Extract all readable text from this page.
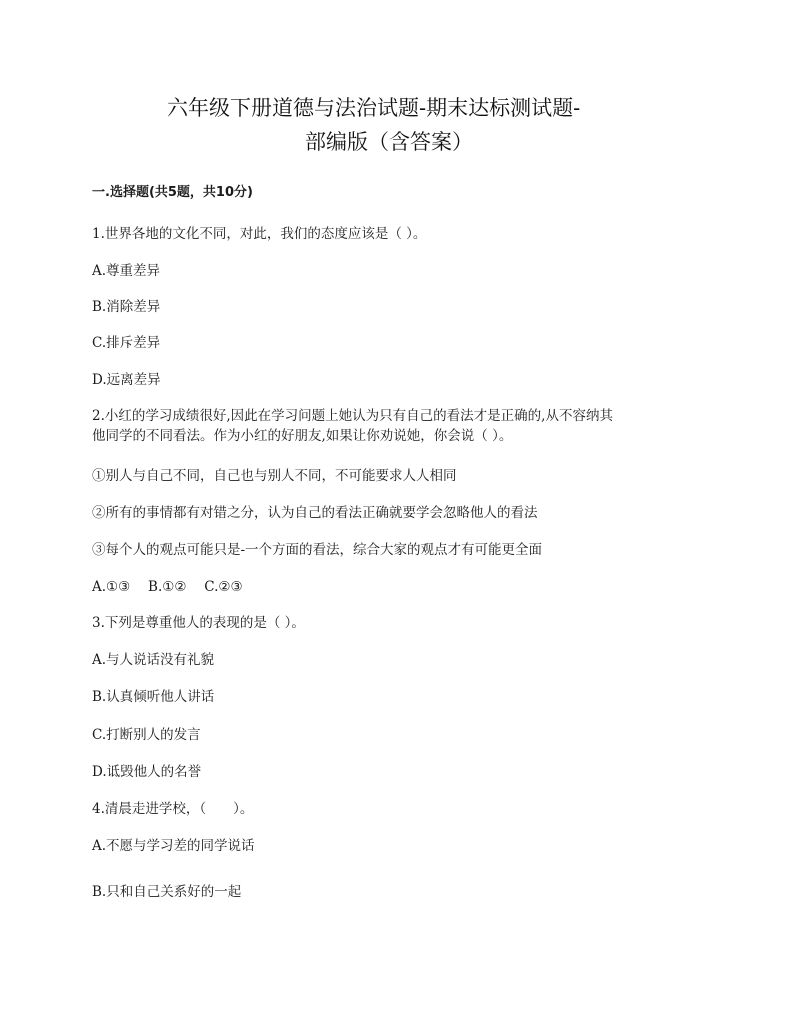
六年级下册道德与法治试题-期末达标测试题-
部编版（含答案）
一.选择题(共5题，共10分)
1.世界各地的文化不同，对此，我们的态度应该是（ ）。
A.尊重差异
B.消除差异
C.排斥差异
D.远离差异
2.小红的学习成绩很好,因此在学习问题上她认为只有自己的看法才是正确的,从不容纳其
他同学的不同看法。作为小红的好朋友,如果让你劝说她，你会说（ ）。
①别人与自己不同，自己也与别人不同，不可能要求人人相同
②所有的事情都有对错之分，认为自己的看法正确就要学会忽略他人的看法
③每个人的观点可能只是-一个方面的看法，综合大家的观点才有可能更全面
A.①③　 B.①②　 C.②③
3.下列是尊重他人的表现的是（ ）。
A.与人说话没有礼貌
B.认真倾听他人讲话
C.打断别人的发言
D.诋毁他人的名誉
4.清晨走进学校，（　　）。
A.不愿与学习差的同学说话
B.只和自己关系好的一起
